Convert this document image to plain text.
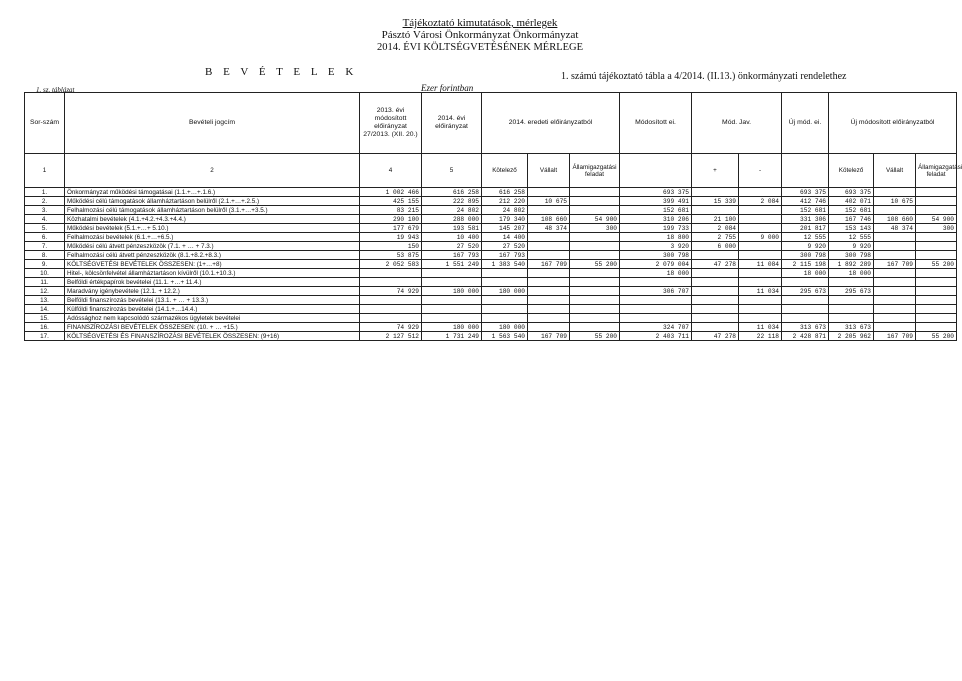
Tájékoztató kimutatások, mérlegek
Pásztó Városi Önkormányzat Önkormányzat
2014. ÉVI KÖLTSÉGVETÉSÉNEK MÉRLEGE
B E V É T E L E K
Ezer forintban
1. sz. táblázat
1. számú tájékoztató tábla a 4/2014. (II.13.) önkormányzati rendelethez
Sor-szám	Bevételi jogcím	2013. évi módosított előirányzat 27/2013. (XII. 20.)	2014. évi előirányzat	2014. eredeti előirányzatból			Módosított ei.	Mód. Jav.		Új mód. ei.	Új módosított előirányzatból		
1	2	4	5	Kötelező	Vállalt	Államigazgatási feladat		+	-		Kötelező	Vállalt	Államigazgatási feladat
1.	Önkormányzat működési támogatásai (1.1.+…+.1.6.)	1 002 466	616 258	616 258			693 375			693 375	693 375		
2.	Működési célú támogatások államháztartáson belülről (2.1.+…+.2.5.)	425 155	222 895	212 220	10 675		399 491	15 339	2 084	412 746	402 071	10 675	
3.	Felhalmozási célú támogatások államháztartáson belülről (3.1.+…+3.5.)	83 215	24 802	24 802			152 681			152 681	152 681		
4.	Közhatalmi bevételek (4.1.+4.2.+4.3.+4.4.)	290 100	288 000	179 340	108 660	54 900	310 206	21 100		331 306	167 746	108 660	54 900
5.	Működési bevételek (5.1.+…+ 5.10.)	177 679	193 581	145 207	48 374	300	199 733	2 084		201 817	153 143	48 374	300
6.	Felhalmozási bevételek (6.1.+…+6.5.)	19 943	10 400	14 400			18 800	2 755	9 000	12 555	12 555		
7.	Működési célú átvett pénzeszközök (7.1. + … + 7.3.)	150	27 520	27 520			3 920	6 000		9 920	9 920		
8.	Felhalmozási célú átvett pénzeszközök (8.1.+8.2.+8.3.)	53 875	167 793	167 793			300 798			300 798	300 798		
9.	KÖLTSÉGVETÉSI BEVÉTELEK ÖSSZESEN: (1+…+8)	2 052 583	1 551 249	1 383 540	167 709	55 200	2 079 004	47 278	11 084	2 115 198	1 892 289	167 709	55 200
10.	Hitel-, kölcsönfelvétel államháztartáson kívülről (10.1.+10.3.)						18 000			18 000	18 000		
11.	Belföldi értékpapírok bevételei (11.1. +…+ 11.4.)												
12.	Maradvány igénybevétele (12.1. + 12.2.)	74 929	180 000	180 000			306 707		11 034	295 673	295 673		
13.	Belföldi finanszírozás bevételei (13.1. + … + 13.3.)												
14.	Külföldi finanszírozás bevételei (14.1.+…14.4.)												
15.	Adóssághoz nem kapcsolódó származékos ügyletek bevételei												
16.	FINANSZÍROZÁSI BEVÉTELEK ÖSSZESEN: (10. + … +15.)	74 929	180 000	180 000			324 707		11 034	313 673	313 673		
17.	KÖLTSÉGVETÉSI ÉS FINANSZÍROZÁSI BEVÉTELEK ÖSSZESEN: (9+16)	2 127 512	1 731 249	1 563 540	167 709	55 200	2 403 711	47 278	22 118	2 428 871	2 205 962	167 709	55 200
